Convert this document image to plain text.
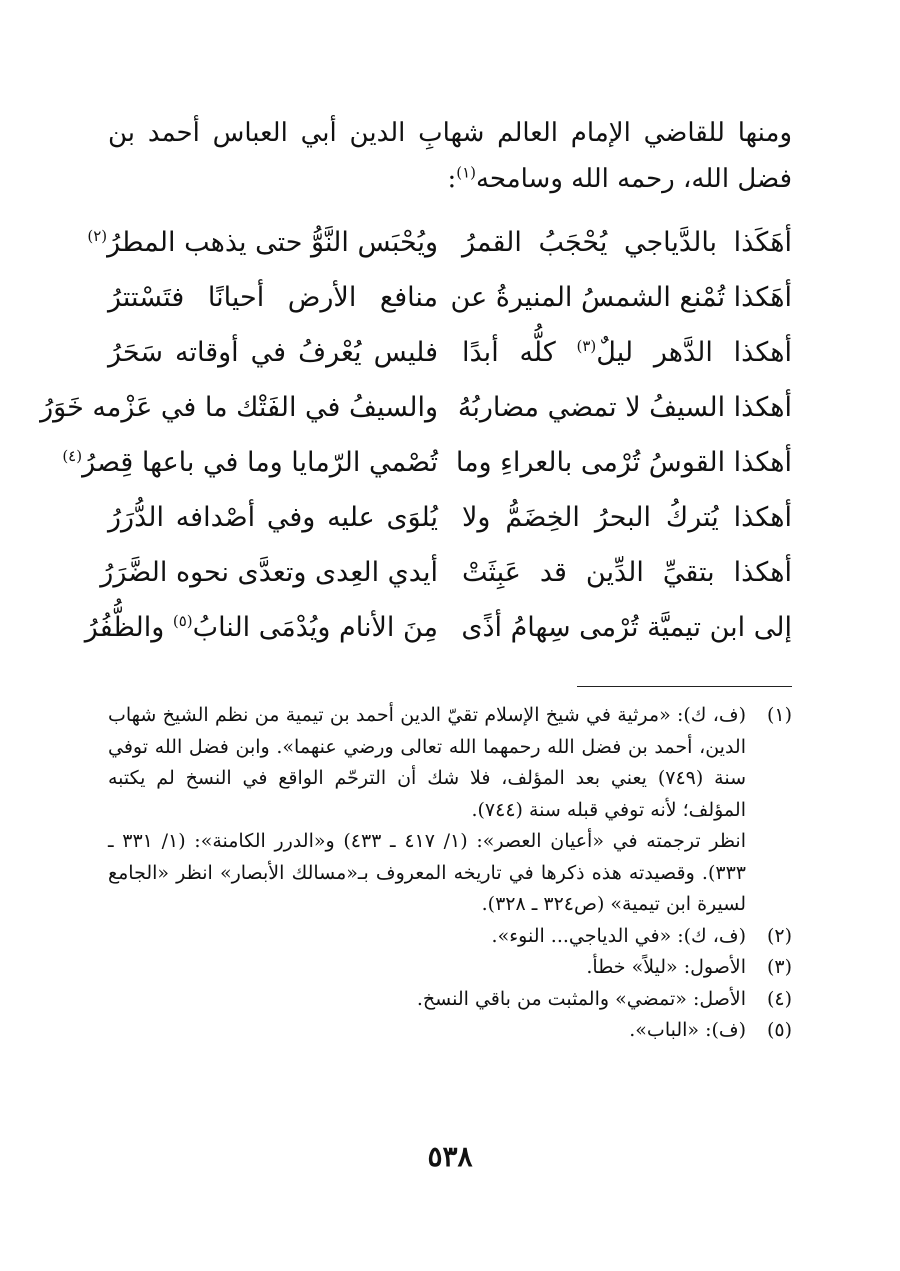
ومنها للقاضي الإمام العالم شهابِ الدين أبي العباس أحمد بن فضل الله، رحمه الله وسامحه$^{(١)}$:

أهَكَذا بالدَّياجي يُحْجَبُ القمرُ
ويُحْبَس النَّوُّ حتى يذهب المطرُ$^{(٢)}$
أهَكذا تُمْنع الشمسُ المنيرةُ عن
منافع الأرض أحيانًا فتَسْتترُ
أهكذا الدَّهر ليلٌ$^{(٣)}$ كلُّه أبدًا
فليس يُعْرفُ في أوقاته سَحَرُ
أهكذا السيفُ لا تمضي مضاربُهُ
والسيفُ في الفَتْك ما في عَزْمه خَوَرُ
أهكذا القوسُ تُرْمى بالعراءِ وما
تُصْمي الرّمايا وما في باعها قِصرُ$^{(٤)}$
أهكذا يُتركُ البحرُ الخِضَمُّ ولا
يُلوَى عليه وفي أصْدافه الدُّرَرُ
أهكذا بتقيِّ الدِّين قد عَبِثَتْ
أيدي العِدى وتعدَّى نحوه الضَّرَرُ
إلى ابن تيميَّة تُرْمى سِهامُ أذًى
مِنَ الأنام ويُدْمَى النابُ$^{(٥)}$ والظُّفُرُ
(١)

(ف، ك): «مرثية في شيخ الإسلام تقيّ الدين أحمد بن تيمية من نظم الشيخ شهاب الدين، أحمد بن فضل الله رحمهما الله تعالى ورضي عنهما». وابن فضل الله توفي سنة (٧٤٩) يعني بعد المؤلف، فلا شك أن الترحّم الواقع في النسخ لم يكتبه المؤلف؛ لأنه توفي قبله سنة (٧٤٤).

انظر ترجمته في «أعيان العصر»: (١/ ٤١٧ ـ ٤٣٣) و«الدرر الكامنة»: (١/ ٣٣١ ـ ٣٣٣). وقصيدته هذه ذكرها في تاريخه المعروف بـ«مسالك الأبصار» انظر «الجامع لسيرة ابن تيمية» (ص٣٢٤ ـ ٣٢٨).

(٢)

(ف، ك): «في الدياجي... النوء».

(٣)

الأصول: «ليلاً» خطأ.

(٤)

الأصل: «تمضي» والمثبت من باقي النسخ.

(٥)

(ف): «الباب».

٥٣٨
